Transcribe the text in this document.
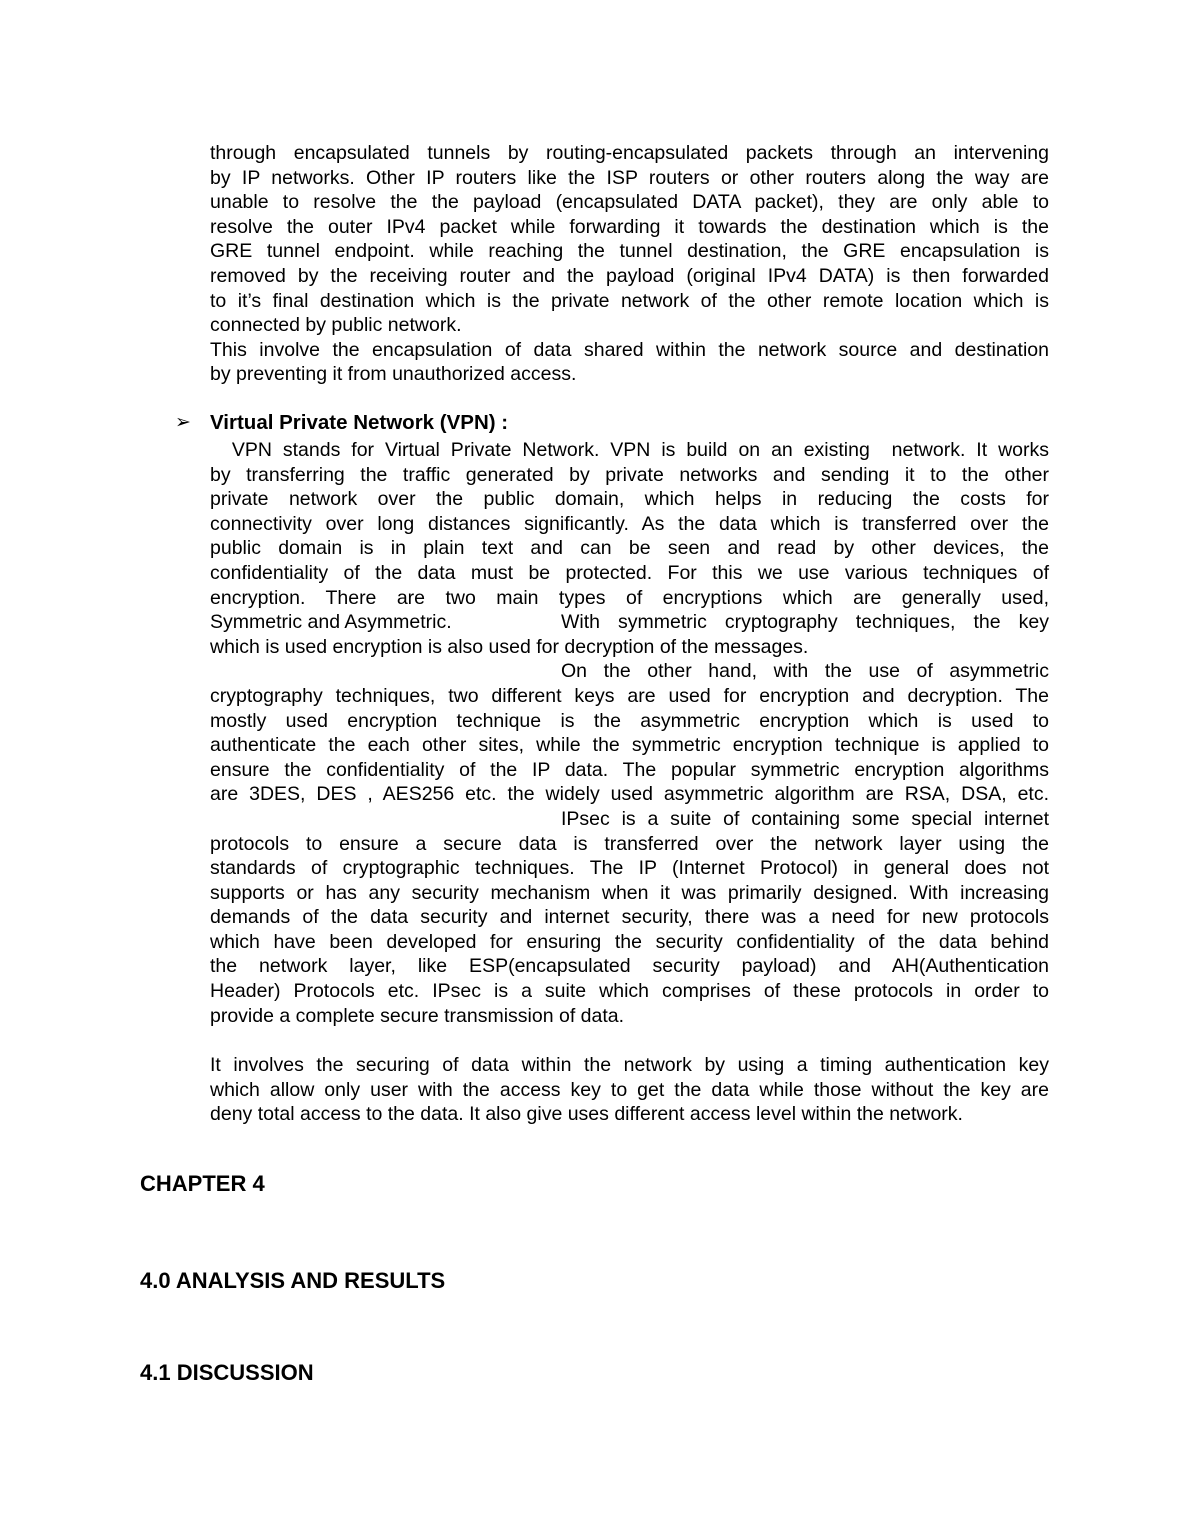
through encapsulated tunnels by routing-encapsulated packets through an intervening
by IP networks. Other IP routers like the ISP routers or other routers along the way are
unable to resolve the the payload (encapsulated DATA packet), they are only able to
resolve the outer IPv4 packet while forwarding it towards the destination which is the
GRE tunnel endpoint. while reaching the tunnel destination, the GRE encapsulation is
removed by the receiving router and the payload (original IPv4 DATA) is then forwarded
to it’s final destination which is the private network of the other remote location which is
connected by public network.
This involve the encapsulation of data shared within the network source and destination
by preventing it from unauthorized access.
➢ Virtual Private Network (VPN) :
VPN stands for Virtual Private Network. VPN is build on an existing  network. It works
by transferring the traffic generated by private networks and sending it to the other
private network over the public domain, which helps in reducing the costs for
connectivity over long distances significantly. As the data which is transferred over the
public domain is in plain text and can be seen and read by other devices, the
confidentiality of the data must be protected. For this we use various techniques of
encryption. There are two main types of encryptions which are generally used,
Symmetric and Asymmetric.	With symmetric cryptography techniques, the key
which is used encryption is also used for decryption of the messages.
On the other hand, with the use of asymmetric
cryptography techniques, two different keys are used for encryption and decryption. The
mostly used encryption technique is the asymmetric encryption which is used to
authenticate the each other sites, while the symmetric encryption technique is applied to
ensure the confidentiality of the IP data. The popular symmetric encryption algorithms
are 3DES, DES , AES256 etc. the widely used asymmetric algorithm are RSA, DSA, etc.
IPsec is a suite of containing some special internet
protocols to ensure a secure data is transferred over the network layer using the
standards of cryptographic techniques. The IP (Internet Protocol) in general does not
supports or has any security mechanism when it was primarily designed. With increasing
demands of the data security and internet security, there was a need for new protocols
which have been developed for ensuring the security confidentiality of the data behind
the network layer, like ESP(encapsulated security payload) and AH(Authentication
Header) Protocols etc. IPsec is a suite which comprises of these protocols in order to
provide a complete secure transmission of data.
It involves the securing of data within the network by using a timing authentication key
which allow only user with the access key to get the data while those without the key are
deny total access to the data. It also give uses different access level within the network.
CHAPTER 4
4.0 ANALYSIS AND RESULTS
4.1 DISCUSSION
